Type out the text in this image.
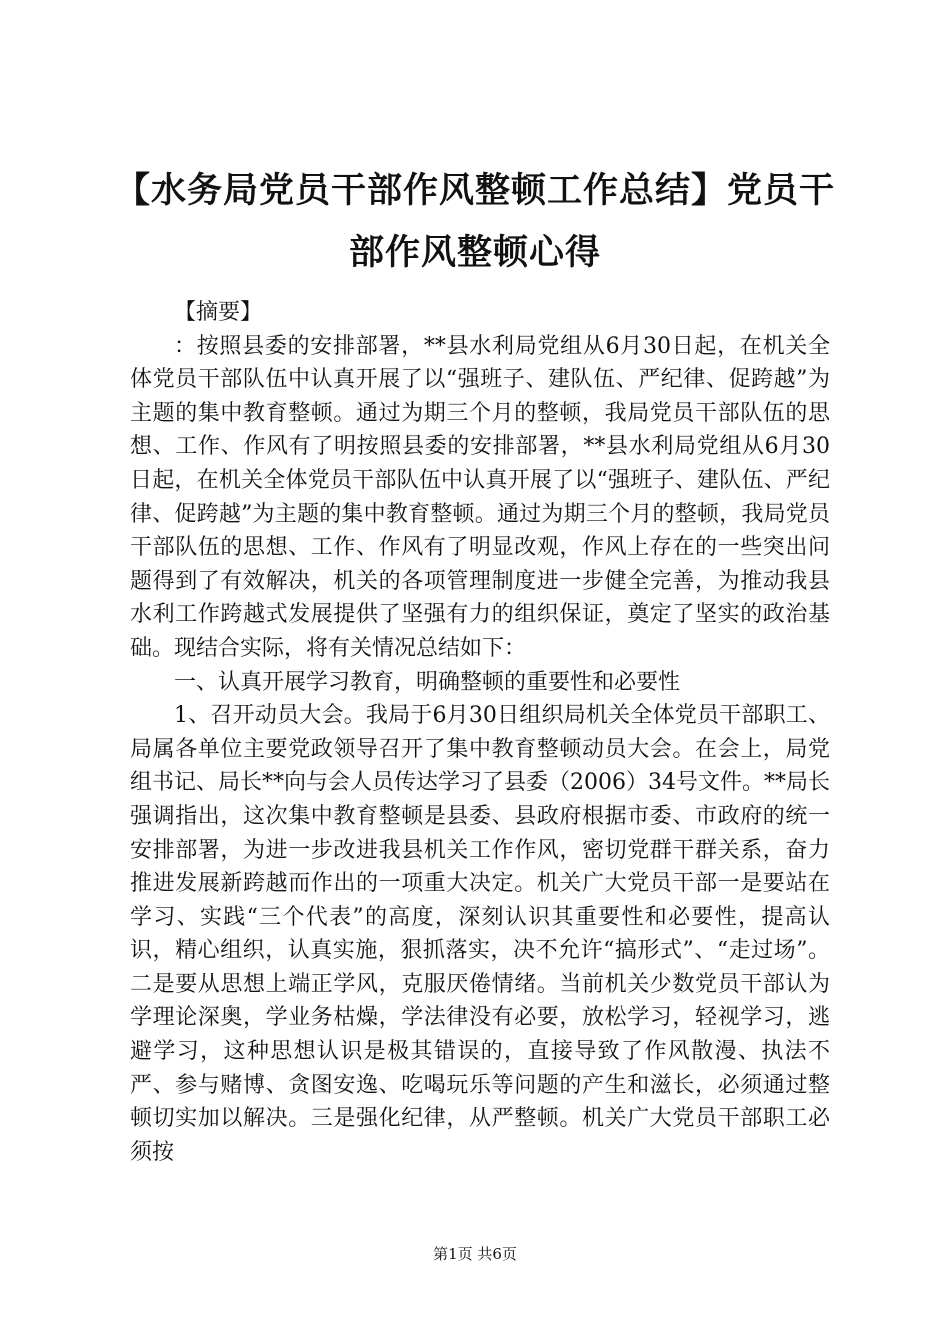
【水务局党员干部作风整顿工作总结】党员干部作风整顿心得

【摘要】

：按照县委的安排部署，**县水利局党组从6月30日起，在机关全体党员干部队伍中认真开展了以“强班子、建队伍、严纪律、促跨越”为主题的集中教育整顿。通过为期三个月的整顿，我局党员干部队伍的思想、工作、作风有了明按照县委的安排部署，**县水利局党组从6月30日起，在机关全体党员干部队伍中认真开展了以“强班子、建队伍、严纪律、促跨越”为主题的集中教育整顿。通过为期三个月的整顿，我局党员干部队伍的思想、工作、作风有了明显改观，作风上存在的一些突出问题得到了有效解决，机关的各项管理制度进一步健全完善，为推动我县水利工作跨越式发展提供了坚强有力的组织保证，奠定了坚实的政治基础。现结合实际，将有关情况总结如下：

一、认真开展学习教育，明确整顿的重要性和必要性

1、召开动员大会。我局于6月30日组织局机关全体党员干部职工、局属各单位主要党政领导召开了集中教育整顿动员大会。在会上，局党组书记、局长**向与会人员传达学习了县委（2006）34号文件。**局长强调指出，这次集中教育整顿是县委、县政府根据市委、市政府的统一安排部署，为进一步改进我县机关工作作风，密切党群干群关系，奋力推进发展新跨越而作出的一项重大决定。机关广大党员干部一是要站在学习、实践“三个代表”的高度，深刻认识其重要性和必要性，提高认识，精心组织，认真实施，狠抓落实，决不允许“搞形式”、“走过场”。二是要从思想上端正学风，克服厌倦情绪。当前机关少数党员干部认为学理论深奥，学业务枯燥，学法律没有必要，放松学习，轻视学习，逃避学习，这种思想认识是极其错误的，直接导致了作风散漫、执法不严、参与赌博、贪图安逸、吃喝玩乐等问题的产生和滋长，必须通过整顿切实加以解决。三是强化纪律，从严整顿。机关广大党员干部职工必须按

第1页 共6页
